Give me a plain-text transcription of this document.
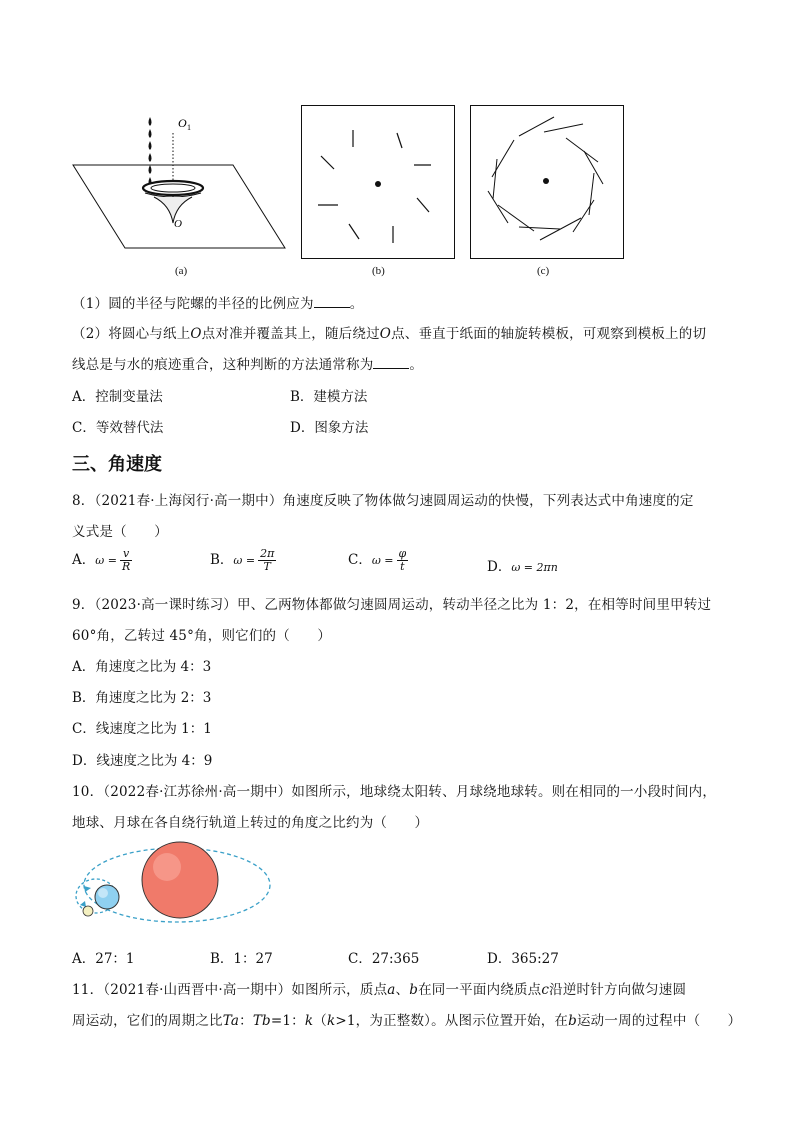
O 1
O
(a)	(b)	(c)
（1）圆的半径与陀螺的半径的比例应为	。
（2）将圆心与纸上O点对准并覆盖其上，随后绕过O点、垂直于纸面的轴旋转模板，可观察到模板上的切
线总是与水的痕迹重合，这种判断的方法通常称为	。
A．控制变量法	B．建模方法
C．等效替代法	D．图象方法
三、角速度
8．（2021春·上海闵行·高一期中）角速度反映了物体做匀速圆周运动的快慢，下列表达式中角速度的定
义式是（　　）
A．$\omega = \frac{v}{R}$	B．$\omega = \frac{2\pi}{T}$	C．$\omega = \frac{\varphi}{t}$	D．ω = 2πn
9．（2023·高一课时练习）甲、乙两物体都做匀速圆周运动，转动半径之比为 1：2，在相等时间里甲转过
60°角，乙转过 45°角，则它们的（　　）
A．角速度之比为 4：3
B．角速度之比为 2：3
C．线速度之比为 1：1
D．线速度之比为 4：9
10．（2022春·江苏徐州·高一期中）如图所示，地球绕太阳转、月球绕地球转。则在相同的一小段时间内，
地球、月球在各自绕行轨道上转过的角度之比约为（　　）
A．27：1	B．1：27	C．27:365	D．365:27
11．（2021春·山西晋中·高一期中）如图所示，质点a、b在同一平面内绕质点c沿逆时针方向做匀速圆
周运动，它们的周期之比Ta：Tb=1：k（k>1，为正整数）。从图示位置开始，在b运动一周的过程中（　　）
